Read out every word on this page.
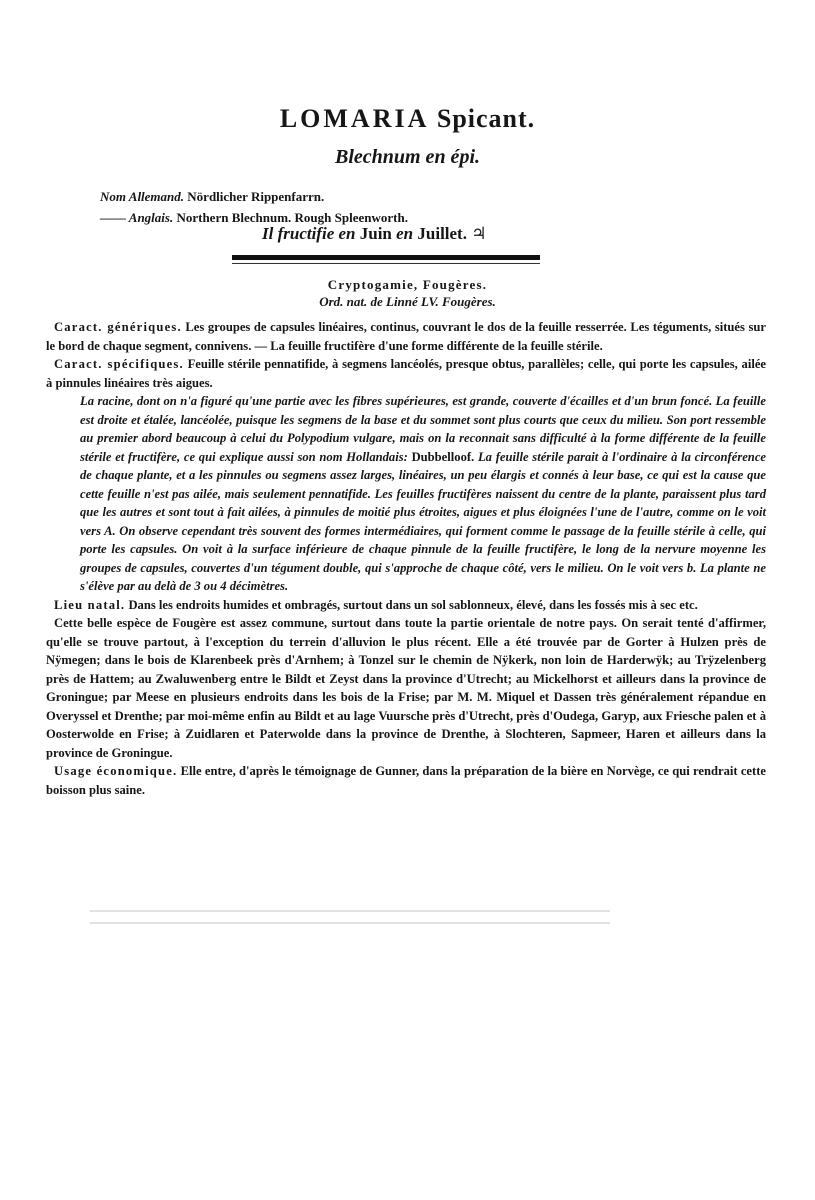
LOMARIA Spicant.
Blechnum en épi.
Nom Allemand. Nördlicher Rippenfarrn.
—— Anglais. Northern Blechnum. Rough Spleenworth.
Il fructifie en Juin en Juillet. ♃
Cryptogamie, Fougères.
Ord. nat. de Linné LV. Fougères.

Caract. génériques. Les groupes de capsules linéaires, continus, couvrant le dos de la feuille resserrée. Les téguments, situés sur le bord de chaque segment, connivens. — La feuille fructifère d'une forme différente de la feuille stérile.

Caract. spécifiques. Feuille stérile pennatifide, à segmens lancéolés, presque obtus, parallèles; celle, qui porte les capsules, ailée à pinnules linéaires très aigues.

La racine, dont on n'a figuré qu'une partie avec les fibres supérieures, est grande, couverte d'écailles et d'un brun foncé. La feuille est droite et étalée, lancéolée, puisque les segmens de la base et du sommet sont plus courts que ceux du milieu. Son port ressemble au premier abord beaucoup à celui du Polypodium vulgare, mais on la reconnait sans difficulté à la forme différente de la feuille stérile et fructifère, ce qui explique aussi son nom Hollandais: Dubbelloof. La feuille stérile parait à l'ordinaire à la circonférence de chaque plante, et a les pinnules ou segmens assez larges, linéaires, un peu élargis et connés à leur base, ce qui est la cause que cette feuille n'est pas ailée, mais seulement pennatifide. Les feuilles fructifères naissent du centre de la plante, paraissent plus tard que les autres et sont tout à fait ailées, à pinnules de moitié plus étroites, aigues et plus éloignées l'une de l'autre, comme on le voit vers A. On observe cependant très souvent des formes intermédiaires, qui forment comme le passage de la feuille stérile à celle, qui porte les capsules. On voit à la surface inférieure de chaque pinnule de la feuille fructifère, le long de la nervure moyenne les groupes de capsules, couvertes d'un tégument double, qui s'approche de chaque côté, vers le milieu. On le voit vers b. La plante ne s'élève par au delà de 3 ou 4 décimètres.

Lieu natal. Dans les endroits humides et ombragés, surtout dans un sol sablonneux, élevé, dans les fossés mis à sec etc.

Cette belle espèce de Fougère est assez commune, surtout dans toute la partie orientale de notre pays. On serait tenté d'affirmer, qu'elle se trouve partout, à l'exception du terrein d'alluvion le plus récent. Elle a été trouvée par de Gorter à Hulzen près de Nÿmegen; dans le bois de Klarenbeek près d'Arnhem; à Tonzel sur le chemin de Nÿkerk, non loin de Harderwÿk; au Trÿzelenberg près de Hattem; au Zwaluwenberg entre le Bildt et Zeyst dans la province d'Utrecht; au Mickelhorst et ailleurs dans la province de Groningue; par Meese en plusieurs endroits dans les bois de la Frise; par M. M. Miquel et Dassen très généralement répandue en Overyssel et Drenthe; par moi-même enfin au Bildt et au lage Vuursche près d'Utrecht, près d'Oudega, Garyp, aux Friesche palen et à Oosterwolde en Frise; à Zuidlaren et Paterwolde dans la province de Drenthe, à Slochteren, Sapmeer, Haren et ailleurs dans la province de Groningue.

Usage économique. Elle entre, d'après le témoignage de Gunner, dans la préparation de la bière en Norvège, ce qui rendrait cette boisson plus saine.
